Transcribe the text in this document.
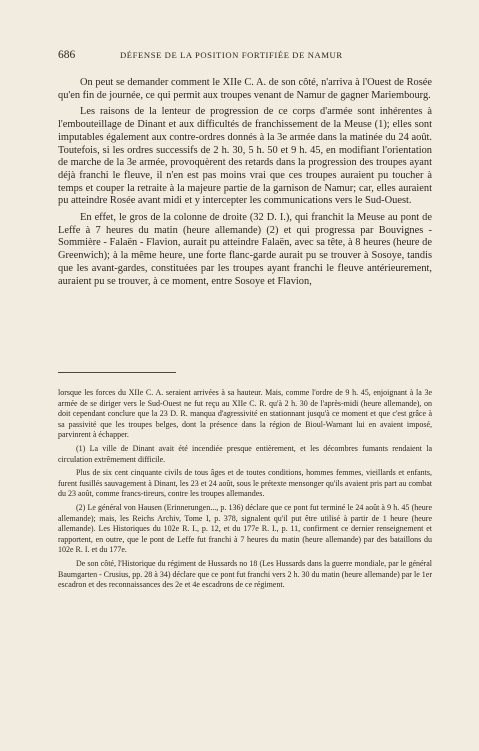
686	DÉFENSE DE LA POSITION FORTIFIÉE DE NAMUR

On peut se demander comment le XIIe C. A. de son côté, n'arriva à l'Ouest de Rosée qu'en fin de journée, ce qui permit aux troupes venant de Namur de gagner Mariembourg.

Les raisons de la lenteur de progression de ce corps d'armée sont inhérentes à l'embouteillage de Dinant et aux difficultés de franchissement de la Meuse (1); elles sont imputables également aux contre-ordres donnés à la 3e armée dans la matinée du 24 août. Toutefois, si les ordres successifs de 2 h. 30, 5 h. 50 et 9 h. 45, en modifiant l'orientation de marche de la 3e armée, provoquèrent des retards dans la progression des troupes ayant déjà franchi le fleuve, il n'en est pas moins vrai que ces troupes auraient pu toucher à temps et couper la retraite à la majeure partie de la garnison de Namur; car, elles auraient pu atteindre Rosée avant midi et y intercepter les communications vers le Sud-Ouest.

En effet, le gros de la colonne de droite (32 D. I.), qui franchit la Meuse au pont de Leffe à 7 heures du matin (heure allemande) (2) et qui progressa par Bouvignes - Sommière - Falaën - Flavion, aurait pu atteindre Falaën, avec sa tête, à 8 heures (heure de Greenwich); à la même heure, une forte flanc-garde aurait pu se trouver à Sosoye, tandis que les avant-gardes, constituées par les troupes ayant franchi le fleuve antérieurement, auraient pu se trouver, à ce moment, entre Sosoye et Flavion,

lorsque les forces du XIIe C. A. seraient arrivées à sa hauteur. Mais, comme l'ordre de 9 h. 45, enjoignant à la 3e armée de se diriger vers le Sud-Ouest ne fut reçu au XIIe C. R. qu'à 2 h. 30 de l'après-midi (heure allemande), on doit cependant conclure que la 23 D. R. manqua d'agressivité en stationnant jusqu'à ce moment et que c'est grâce à sa passivité que les troupes belges, dont la présence dans la région de Bioul-Warnant lui en avaient imposé, parvinrent à échapper.

(1) La ville de Dinant avait été incendiée presque entièrement, et les décombres fumants rendaient la circulation extrêmement difficile.

Plus de six cent cinquante civils de tous âges et de toutes conditions, hommes femmes, vieillards et enfants, furent fusillés sauvagement à Dinant, les 23 et 24 août, sous le prétexte mensonger qu'ils avaient pris part au combat du 23 août, comme francs-tireurs, contre les troupes allemandes.

(2) Le général von Hausen (Erinnerungen..., p. 136) déclare que ce pont fut terminé le 24 août à 9 h. 45 (heure allemande); mais, les Reichs Archiv, Tome I, p. 378, signalent qu'il put être utilisé à partir de 1 heure (heure allemande). Les Historiques du 102e R. I., p. 12, et du 177e R. I., p. 11, confirment ce dernier renseignement et rapportent, en outre, que le pont de Leffe fut franchi à 7 heures du matin (heure allemande) par des bataillons du 102e R. I. et du 177e.

De son côté, l'Historique du régiment de Hussards no 18 (Les Hussards dans la guerre mondiale, par le général Baumgarten - Crusius, pp. 28 à 34) déclare que ce pont fut franchi vers 2 h. 30 du matin (heure allemande) par le 1er escadron et des reconnaissances des 2e et 4e escadrons de ce régiment.
